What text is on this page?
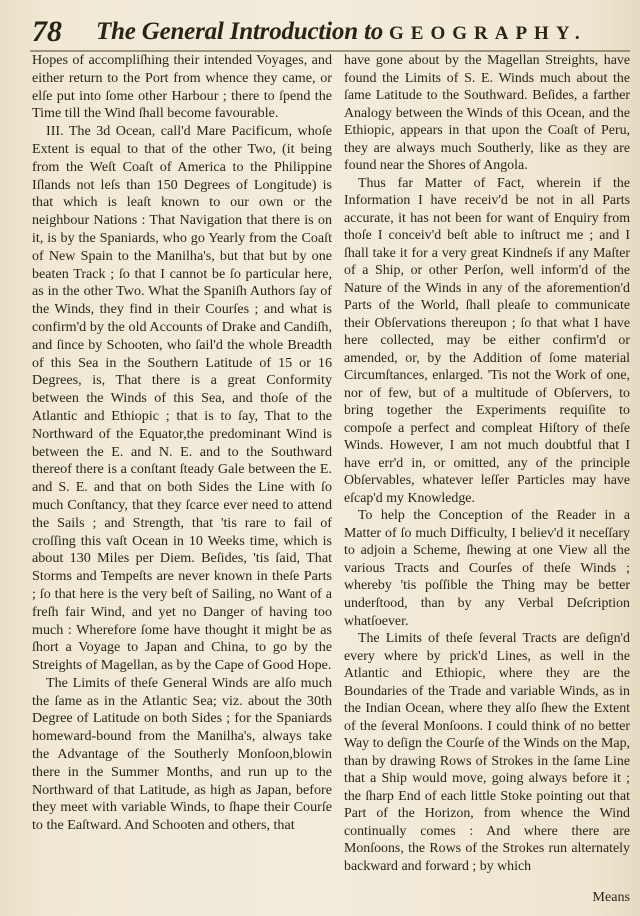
78 The General Introduction to GEOGRAPHY.

Hopes of accompliſhing their intended Voyages, and either return to the Port from whence they came, or elſe put into ſome other Harbour ; there to ſpend the Time till the Wind ſhall become favourable.

III. The 3d Ocean, call'd Mare Pacificum, whoſe Extent is equal to that of the other Two, (it being from the Weſt Coaſt of America to the Philippine Iſlands not leſs than 150 Degrees of Longitude) is that which is leaſt known to our own or the neighbour Nations : That Navigation that there is on it, is by the Spaniards, who go Yearly from the Coaſt of New Spain to the Manilha's, but that but by one beaten Track ; ſo that I cannot be ſo particular here, as in the other Two. What the Spaniſh Authors ſay of the Winds, they find in their Courſes ; and what is confirm'd by the old Accounts of Drake and Candiſh, and ſince by Schooten, who ſail'd the whole Breadth of this Sea in the Southern Latitude of 15 or 16 Degrees, is, That there is a great Conformity between the Winds of this Sea, and thoſe of the Atlantic and Ethiopic ; that is to ſay, That to the Northward of the Equator,the predominant Wind is between the E. and N. E. and to the Southward thereof there is a conſtant ſteady Gale between the E. and S. E. and that on both Sides the Line with ſo much Conſtancy, that they ſcarce ever need to attend the Sails ; and Strength, that 'tis rare to fail of croſſing this vaſt Ocean in 10 Weeks time, which is about 130 Miles per Diem. Beſides, 'tis ſaid, That Storms and Tempeſts are never known in theſe Parts ; ſo that here is the very beſt of Sailing, no Want of a freſh fair Wind, and yet no Danger of having too much : Wherefore ſome have thought it might be as ſhort a Voyage to Japan and China, to go by the Streights of Magellan, as by the Cape of Good Hope.

The Limits of theſe General Winds are alſo much the ſame as in the Atlantic Sea; viz. about the 30th Degree of Latitude on both Sides ; for the Spaniards homeward-bound from the Manilha's, always take the Advantage of the Southerly Monſoon,blowin there in the Summer Months, and run up to the Northward of that Latitude, as high as Japan, before they meet with variable Winds, to ſhape their Courſe to the Eaſtward. And Schooten and others, that

have gone about by the Magellan Streights, have found the Limits of S. E. Winds much about the ſame Latitude to the Southward. Beſides, a farther Analogy between the Winds of this Ocean, and the Ethiopic, appears in that upon the Coaſt of Peru, they are always much Southerly, like as they are found near the Shores of Angola.

Thus far Matter of Fact, wherein if the Information I have receiv'd be not in all Parts accurate, it has not been for want of Enquiry from thoſe I conceiv'd beſt able to inſtruct me ; and I ſhall take it for a very great Kindneſs if any Maſter of a Ship, or other Perſon, well inform'd of the Nature of the Winds in any of the aforemention'd Parts of the World, ſhall pleaſe to communicate their Obſervations thereupon ; ſo that what I have here collected, may be either confirm'd or amended, or, by the Addition of ſome material Circumſtances, enlarged. 'Tis not the Work of one, nor of few, but of a multitude of Obſervers, to bring together the Experiments requiſite to compoſe a perfect and compleat Hiſtory of theſe Winds. However, I am not much doubtful that I have err'd in, or omitted, any of the principle Obſervables, whatever leſſer Particles may have eſcap'd my Knowledge.

To help the Conception of the Reader in a Matter of ſo much Difficulty, I believ'd it neceſſary to adjoin a Scheme, ſhewing at one View all the various Tracts and Courſes of theſe Winds ; whereby 'tis poſſible the Thing may be better underſtood, than by any Verbal Deſcription whatſoever.

The Limits of theſe ſeveral Tracts are deſign'd every where by prick'd Lines, as well in the Atlantic and Ethiopic, where they are the Boundaries of the Trade and variable Winds, as in the Indian Ocean, where they alſo ſhew the Extent of the ſeveral Monſoons. I could think of no better Way to deſign the Courſe of the Winds on the Map, than by drawing Rows of Strokes in the ſame Line that a Ship would move, going always before it ; the ſharp End of each little Stoke pointing out that Part of the Horizon, from whence the Wind continually comes : And where there are Monſoons, the Rows of the Strokes run alternately backward and forward ; by which

Means
